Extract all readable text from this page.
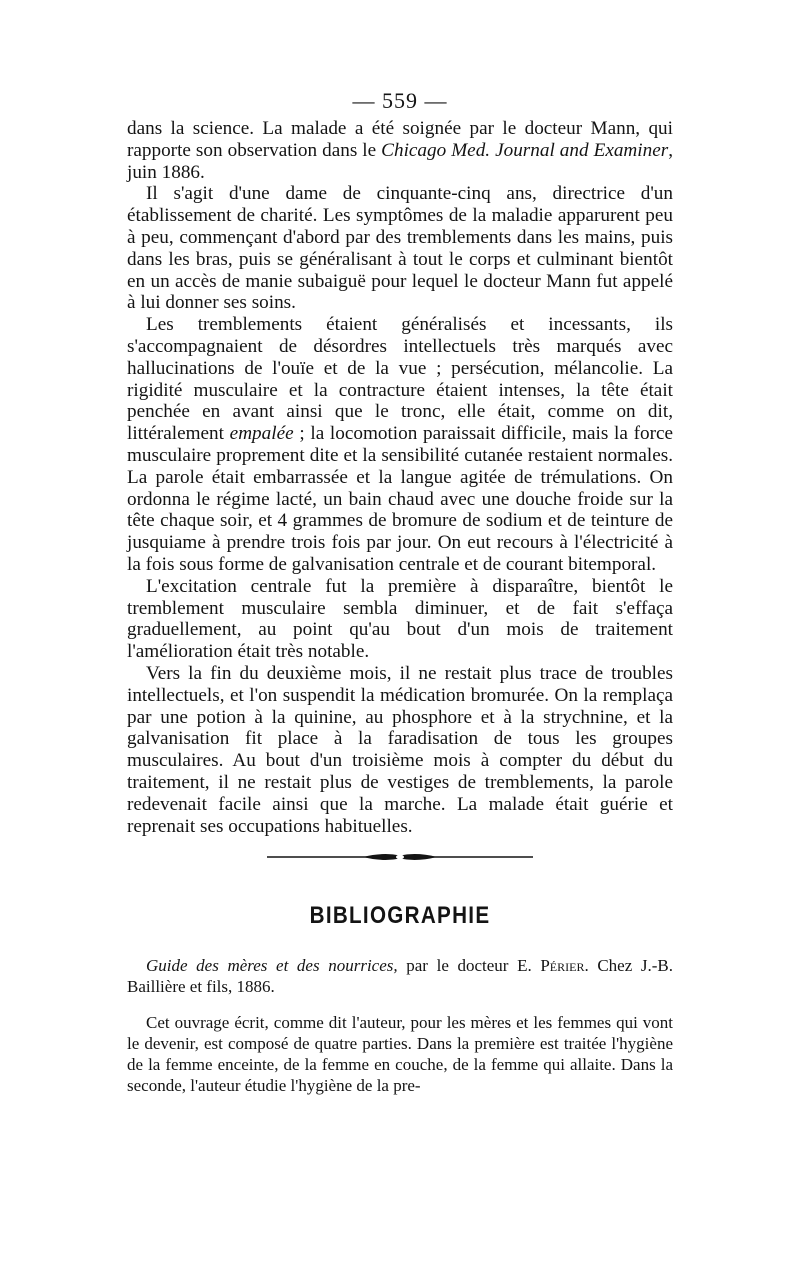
— 559 —

dans la science. La malade a été soignée par le docteur Mann, qui rapporte son observation dans le Chicago Med. Journal and Examiner, juin 1886.

Il s'agit d'une dame de cinquante-cinq ans, directrice d'un établissement de charité. Les symptômes de la maladie apparurent peu à peu, commençant d'abord par des tremblements dans les mains, puis dans les bras, puis se généralisant à tout le corps et culminant bientôt en un accès de manie subaiguë pour lequel le docteur Mann fut appelé à lui donner ses soins.

Les tremblements étaient généralisés et incessants, ils s'accompagnaient de désordres intellectuels très marqués avec hallucinations de l'ouïe et de la vue ; persécution, mélancolie. La rigidité musculaire et la contracture étaient intenses, la tête était penchée en avant ainsi que le tronc, elle était, comme on dit, littéralement empalée ; la locomotion paraissait difficile, mais la force musculaire proprement dite et la sensibilité cutanée restaient normales. La parole était embarrassée et la langue agitée de trémulations. On ordonna le régime lacté, un bain chaud avec une douche froide sur la tête chaque soir, et 4 grammes de bromure de sodium et de teinture de jusquiame à prendre trois fois par jour. On eut recours à l'électricité à la fois sous forme de galvanisation centrale et de courant bitemporal.

L'excitation centrale fut la première à disparaître, bientôt le tremblement musculaire sembla diminuer, et de fait s'effaça graduellement, au point qu'au bout d'un mois de traitement l'amélioration était très notable.

Vers la fin du deuxième mois, il ne restait plus trace de troubles intellectuels, et l'on suspendit la médication bromurée. On la remplaça par une potion à la quinine, au phosphore et à la strychnine, et la galvanisation fit place à la faradisation de tous les groupes musculaires. Au bout d'un troisième mois à compter du début du traitement, il ne restait plus de vestiges de tremblements, la parole redevenait facile ainsi que la marche. La malade était guérie et reprenait ses occupations habituelles.

BIBLIOGRAPHIE

Guide des mères et des nourrices, par le docteur E. Périer. Chez J.-B. Baillière et fils, 1886.

Cet ouvrage écrit, comme dit l'auteur, pour les mères et les femmes qui vont le devenir, est composé de quatre parties. Dans la première est traitée l'hygiène de la femme enceinte, de la femme en couche, de la femme qui allaite. Dans la seconde, l'auteur étudie l'hygiène de la pre-
